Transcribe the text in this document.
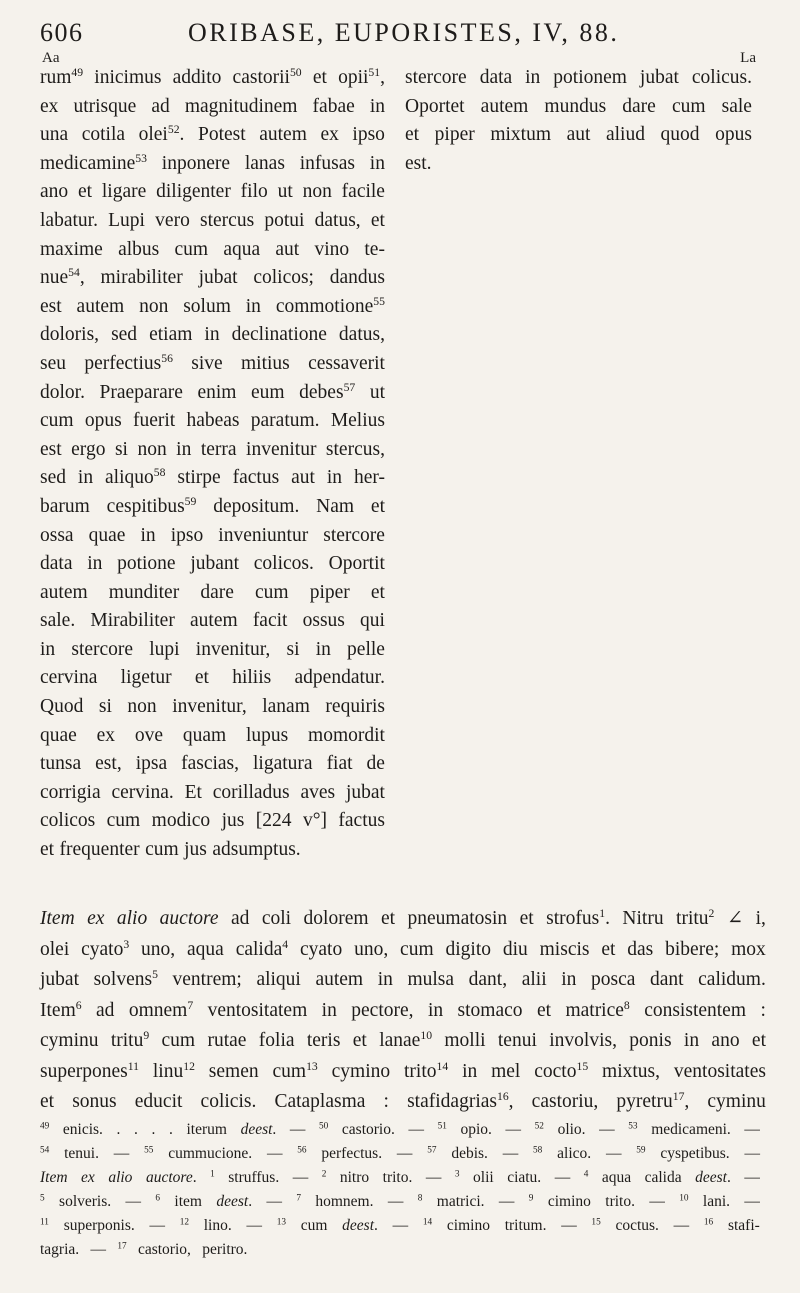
606	ORIBASE, EUPORISTES, IV, 88.
Aa	La
rum$^{49}$ inicimus addito castorii$^{50}$ et opii$^{51}$,
ex utrisque ad magnitudinem fabae in
una cotila olei$^{52}$. Potest autem ex ipso
medicamine$^{53}$ inponere lanas infusas in
ano et ligare diligenter filo ut non facile
labatur. Lupi vero stercus potui datus, et
maxime albus cum aqua aut vino te-
nue$^{54}$, mirabiliter jubat colicos; dandus
est autem non solum in commotione$^{55}$
doloris, sed etiam in declinatione datus,
seu perfectius$^{56}$ sive mitius cessaverit
dolor. Praeparare enim eum debes$^{57}$ ut
cum opus fuerit habeas paratum. Melius
est ergo si non in terra invenitur stercus,
sed in aliquo$^{58}$ stirpe factus aut in her-
barum cespitibus$^{59}$ depositum. Nam et
ossa quae in ipso inveniuntur stercore
data in potione jubant colicos. Oportit
autem munditer dare cum piper et
sale. Mirabiliter autem facit ossus qui
in stercore lupi invenitur, si in pelle
cervina ligetur et hiliis adpendatur.
Quod si non invenitur, lanam requiris
quae ex ove quam lupus momordit
tunsa est, ipsa fascias, ligatura fiat de
corrigia cervina. Et corilladus aves jubat
colicos cum modico jus [224 v°] factus
et frequenter cum jus adsumptus.
stercore data in potionem jubat colicus.
Oportet autem mundus dare cum sale
et piper mixtum aut aliud quod opus
est.
Item ex alio auctore ad coli dolorem et pneumatosin et strofus$^1$. Nitru tritu$^2$ ∠ i,
olei cyato$^3$ uno, aqua calida$^4$ cyato uno, cum digito diu miscis et das bibere; mox
jubat solvens$^5$ ventrem; aliqui autem in mulsa dant, alii in posca dant calidum.
Item$^6$ ad omnem$^7$ ventositatem in pectore, in stomaco et matrice$^8$ consistentem :
cyminu tritu$^9$ cum rutae folia teris et lanae$^{10}$ molli tenui involvis, ponis in ano et
superpones$^{11}$ linu$^{12}$ semen cum$^{13}$ cymino trito$^{14}$ in mel cocto$^{15}$ mixtus, ventositates
et sonus educit colicis. Cataplasma : stafidagrias$^{16}$, castoriu, pyretru$^{17}$, cyminu
$^{49}$ enicis. . . . . iterum deest. — $^{50}$ castorio. — $^{51}$ opio. — $^{52}$ olio. — $^{53}$ medicameni. —
$^{54}$ tenui. — $^{55}$ cummucione. — $^{56}$ perfectus. — $^{57}$ debis. — $^{58}$ alico. — $^{59}$ cyspetibus. —
Item ex alio auctore. $^1$ struffus. — $^2$ nitro trito. — $^3$ olii ciatu. — $^4$ aqua calida deest. —
$^5$ solveris. — $^6$ item deest. — $^7$ homnem. — $^8$ matrici. — $^9$ cimino trito. — $^{10}$ lani. —
$^{11}$ superponis. — $^{12}$ lino. — $^{13}$ cum deest. — $^{14}$ cimino tritum. — $^{15}$ coctus. — $^{16}$ stafi-
tagria. — $^{17}$ castorio, peritro.
